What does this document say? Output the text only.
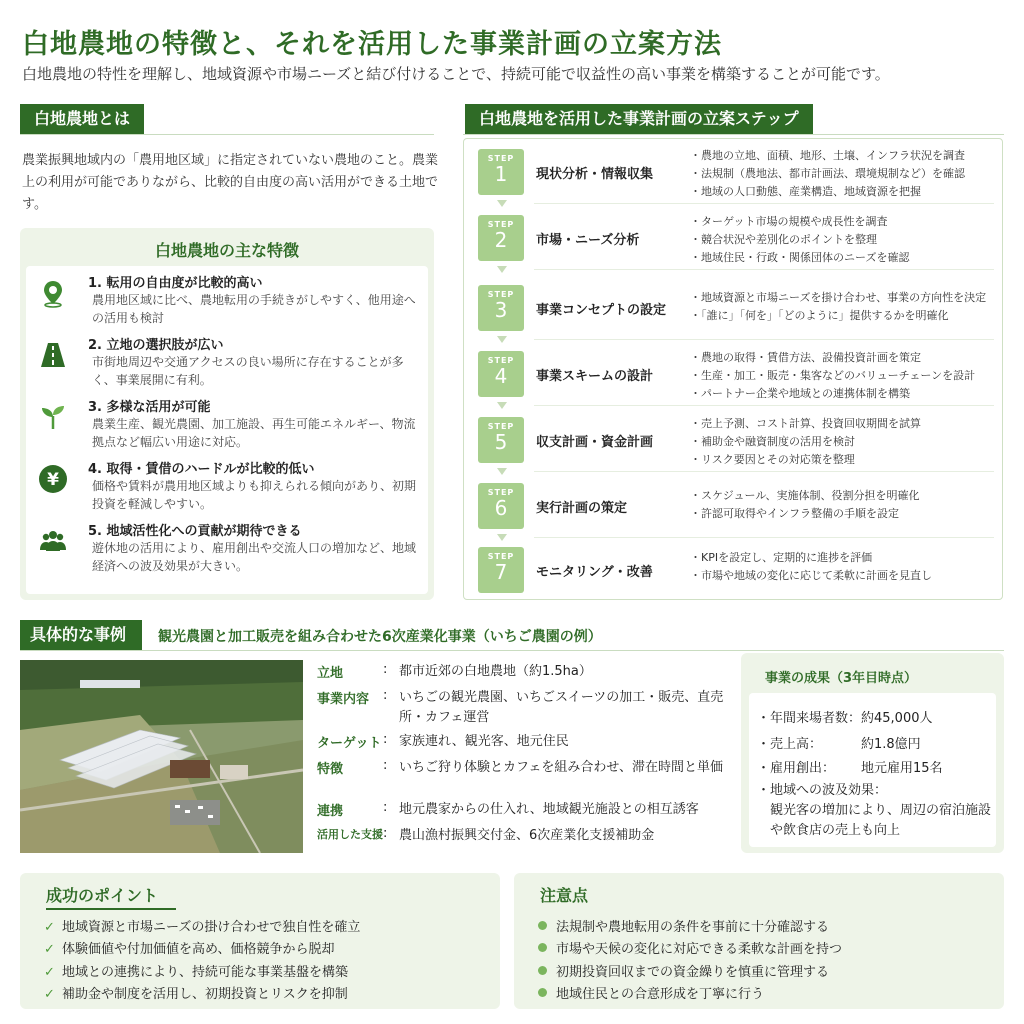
白地農地の特徴と、それを活用した事業計画の立案方法
白地農地の特性を理解し、地域資源や市場ニーズと結び付けることで、持続可能で収益性の高い事業を構築することが可能です。
白地農地とは
農業振興地域内の「農用地区域」に指定されていない農地のこと。農業上の利用が可能でありながら、比較的自由度の高い活用ができる土地です。
白地農地の主な特徴
1. 転用の自由度が比較的高い
農用地区域に比べ、農地転用の手続きがしやすく、他用途への活用も検討
2. 立地の選択肢が広い
市街地周辺や交通アクセスの良い場所に存在することが多く、事業展開に有利。
3. 多様な活用が可能
農業生産、観光農園、加工施設、再生可能エネルギー、物流拠点など幅広い用途に対応。
¥
4. 取得・賃借のハードルが比較的低い
価格や賃料が農用地区域よりも抑えられる傾向があり、初期投資を軽減しやすい。
5. 地域活性化への貢献が期待できる
遊休地の活用により、雇用創出や交流人口の増加など、地域経済への波及効果が大きい。
白地農地を活用した事業計画の立案ステップ
STEP
1	現状分析・情報収集
・農地の立地、面積、地形、土壌、インフラ状況を調査
・法規制（農地法、都市計画法、環境規制など）を確認
・地域の人口動態、産業構造、地域資源を把握
STEP
2	市場・ニーズ分析
・ターゲット市場の規模や成長性を調査
・競合状況や差別化のポイントを整理
・地域住民・行政・関係団体のニーズを確認
STEP
3	事業コンセプトの設定
・地域資源と市場ニーズを掛け合わせ、事業の方向性を決定
・「誰に」「何を」「どのように」提供するかを明確化
STEP
4	事業スキームの設計
・農地の取得・賃借方法、設備投資計画を策定
・生産・加工・販売・集客などのバリューチェーンを設計
・パートナー企業や地域との連携体制を構築
STEP
5	収支計画・資金計画
・売上予測、コスト計算、投資回収期間を試算
・補助金や融資制度の活用を検討
・リスク要因とその対応策を整理
STEP
6	実行計画の策定
・スケジュール、実施体制、役割分担を明確化
・許認可取得やインフラ整備の手順を設定
STEP
7	モニタリング・改善
・KPIを設定し、定期的に進捗を評価
・市場や地域の変化に応じて柔軟に計画を見直し
具体的な事例	観光農園と加工販売を組み合わせた6次産業化事業（いちご農園の例）
立地	: 都市近郊の白地農地（約1.5ha）
事業内容	: いちごの観光農園、いちごスイーツの加工・販売、直売所・カフェ運営
ターゲット : 家族連れ、観光客、地元住民
特徴	: いちご狩り体験とカフェを組み合わせ、滞在時間と単価
連携	: 地元農家からの仕入れ、地域観光施設との相互誘客
活用した支援 : 農山漁村振興交付金、6次産業化支援補助金
事業の成果（3年目時点）
・年間来場者数： 約45,000人
・売上高：	約1.8億円
・雇用創出： 地元雇用15名
・地域への波及効果：
観光客の増加により、周辺の宿泊施設や飲食店の売上も向上
成功のポイント
✓ 地域資源と市場ニーズの掛け合わせで独自性を確立
✓ 体験価値や付加価値を高め、価格競争から脱却
✓ 地域との連携により、持続可能な事業基盤を構築
✓ 補助金や制度を活用し、初期投資とリスクを抑制
注意点
法規制や農地転用の条件を事前に十分確認する
市場や天候の変化に対応できる柔軟な計画を持つ
初期投資回収までの資金繰りを慎重に管理する
地域住民との合意形成を丁寧に行う
